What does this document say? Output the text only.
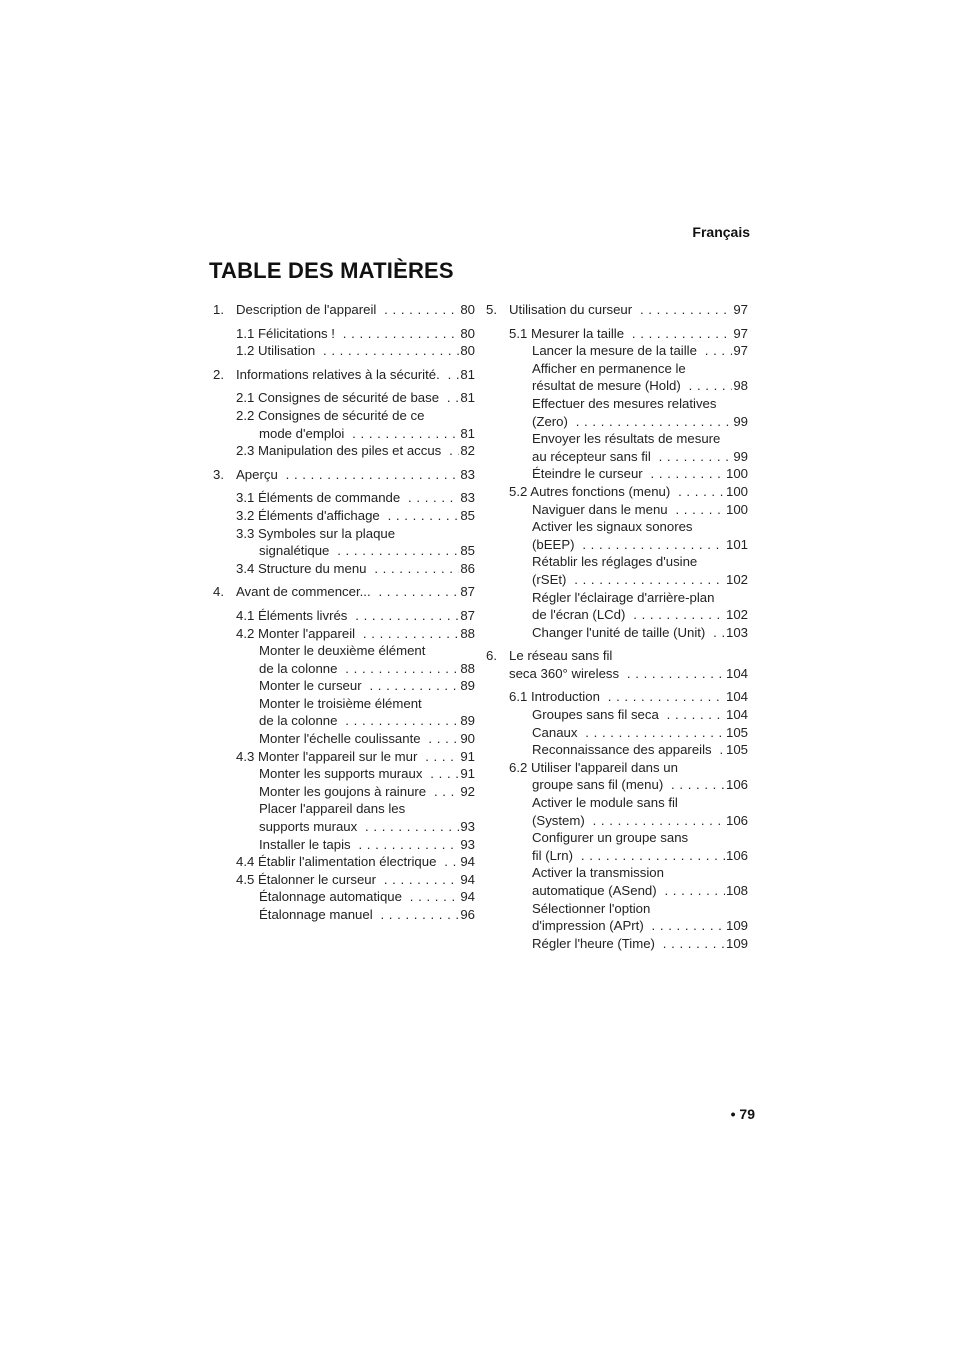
Français
TABLE DES MATIÈRES
1. Description de l'appareil  . . .	80
1.1 Félicitations !  . . .	80
1.2 Utilisation  . . .	80
2. Informations relatives à la sécurité.  . . .	81
2.1 Consignes de sécurité de base  . . .	81
2.2 Consignes de sécurité de ce
mode d'emploi  . . .	81
2.3 Manipulation des piles et accus  . . .	82
3. Aperçu  . . .	83
3.1 Éléments de commande  . . .	83
3.2 Éléments d'affichage  . . .	85
3.3 Symboles sur la plaque
signalétique  . . .	85
3.4 Structure du menu  . . .	86
4. Avant de commencer...  . . .	87
4.1 Éléments livrés  . . .	87
4.2 Monter l'appareil  . . .	88
Monter le deuxième élément
de la colonne  . . .	88
Monter le curseur  . . .	89
Monter le troisième élément
de la colonne  . . .	89
Monter l'échelle coulissante  . . .	90
4.3 Monter l'appareil sur le mur  . . .	91
Monter les supports muraux  . . .	91
Monter les goujons à rainure  . . .	92
Placer l'appareil dans les
supports muraux  . . .	93
Installer le tapis  . . .	93
4.4 Établir l'alimentation électrique  . . .	94
4.5 Étalonner le curseur  . . .	94
Étalonnage automatique  . . .	94
Étalonnage manuel  . . .	96
5. Utilisation du curseur  . . .	97
5.1 Mesurer la taille  . . .	97
Lancer la mesure de la taille  . . .	97
Afficher en permanence le
résultat de mesure (Hold)  . . .	98
Effectuer des mesures relatives
(Zero)  . . .	99
Envoyer les résultats de mesure
au récepteur sans fil  . . .	99
Éteindre le curseur  . . .	100
5.2 Autres fonctions (menu)  . . .	100
Naviguer dans le menu  . . .	100
Activer les signaux sonores
(bEEP)  . . .	101
Rétablir les réglages d'usine
(rSEt)  . . .	102
Régler l'éclairage d'arrière-plan
de l'écran (LCd)  . . .	102
Changer l'unité de taille (Unit)  . . .	103
6. Le réseau sans fil
seca 360° wireless  . . .	104
6.1 Introduction  . . .	104
Groupes sans fil seca  . . .	104
Canaux  . . .	105
Reconnaissance des appareils  . . . 105
6.2 Utiliser l'appareil dans un
groupe sans fil (menu)  . . .	106
Activer le module sans fil
(System)  . . .	106
Configurer un groupe sans
fil (Lrn)  . . .	106
Activer la transmission
automatique (ASend)  . . .	108
Sélectionner l'option
d'impression (APrt)  . . .	109
Régler l'heure (Time)  . . .	109
• 79
